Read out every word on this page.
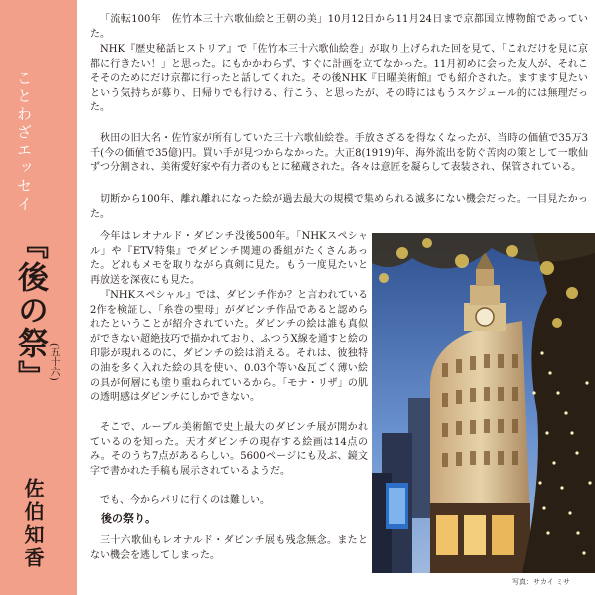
ことわざエッセイ
『後の祭』 (五十六)
佐伯知香

「流転100年　佐竹本三十六歌仙絵と王朝の美」10月12日から11月24日まで京都国立博物館であっていた。

NHK『歴史秘話ヒストリア』で「佐竹本三十六歌仙絵巻」が取り上げられた回を見て、「これだけを見に京都に行きたい！」と思った。にもかかわらず、すぐに計画を立てなかった。11月初めに会った友人が、それこそそのためにだけ京都に行ったと話してくれた。その後NHK『日曜美術館』でも紹介された。ますます見たいという気持ちが募り、日帰りでも行ける、行こう、と思ったが、その時にはもうスケジュール的には無理だった。

秋田の旧大名・佐竹家が所有していた三十六歌仙絵巻。手放さざるを得なくなったが、当時の価値で35万3千(今の価値で35億)円。買い手が見つからなかった。大正8(1919)年、海外流出を防ぐ苦肉の策として一歌仙ずつ分割され、美術愛好家や有力者のもとに秘蔵された。各々は意匠を凝らして表装され、保管されている。

切断から100年、離れ離れになった絵が過去最大の規模で集められる滅多にない機会だった。一目見たかった。

今年はレオナルド・ダビンチ没後500年。「NHKスペシャル」や『ETV特集』でダビンチ関連の番組がたくさんあった。どれもメモを取りながら真剣に見た。もう一度見たいと再放送を深夜にも見た。

『NHKスペシャル』では、ダビンチ作か？と言われている2作を検証し、「糸巻の聖母」がダビンチ作品であると認められたということが紹介されていた。ダビンチの絵は誰も真似ができない超絶技巧で描かれており、ふつうX線を通すと絵の印影が現れるのに、ダビンチの絵は消える。それは、彼独特の油を多く入れた絵の具を使い、0.03个等い&瓦ごく薄い絵の具が何層にも塗り重ねられているから。「モナ・リザ」の肌の透明感はダビンチにしかできない。

そこで、ルーブル美術館で史上最大のダビンチ展が開かれているのを知った。天才ダビンチの現存する絵画は14点のみ。そのうち7点があるらしい。5600ページにも及ぶ、鏡文字で書かれた手稿も展示されているようだ。

でも、今からパリに行くのは難しい。

後の祭り。

三十六歌仙もレオナルド・ダビンチ展も残念無念。またとない機会を逃してしまった。

写真：サカイ ミサ
